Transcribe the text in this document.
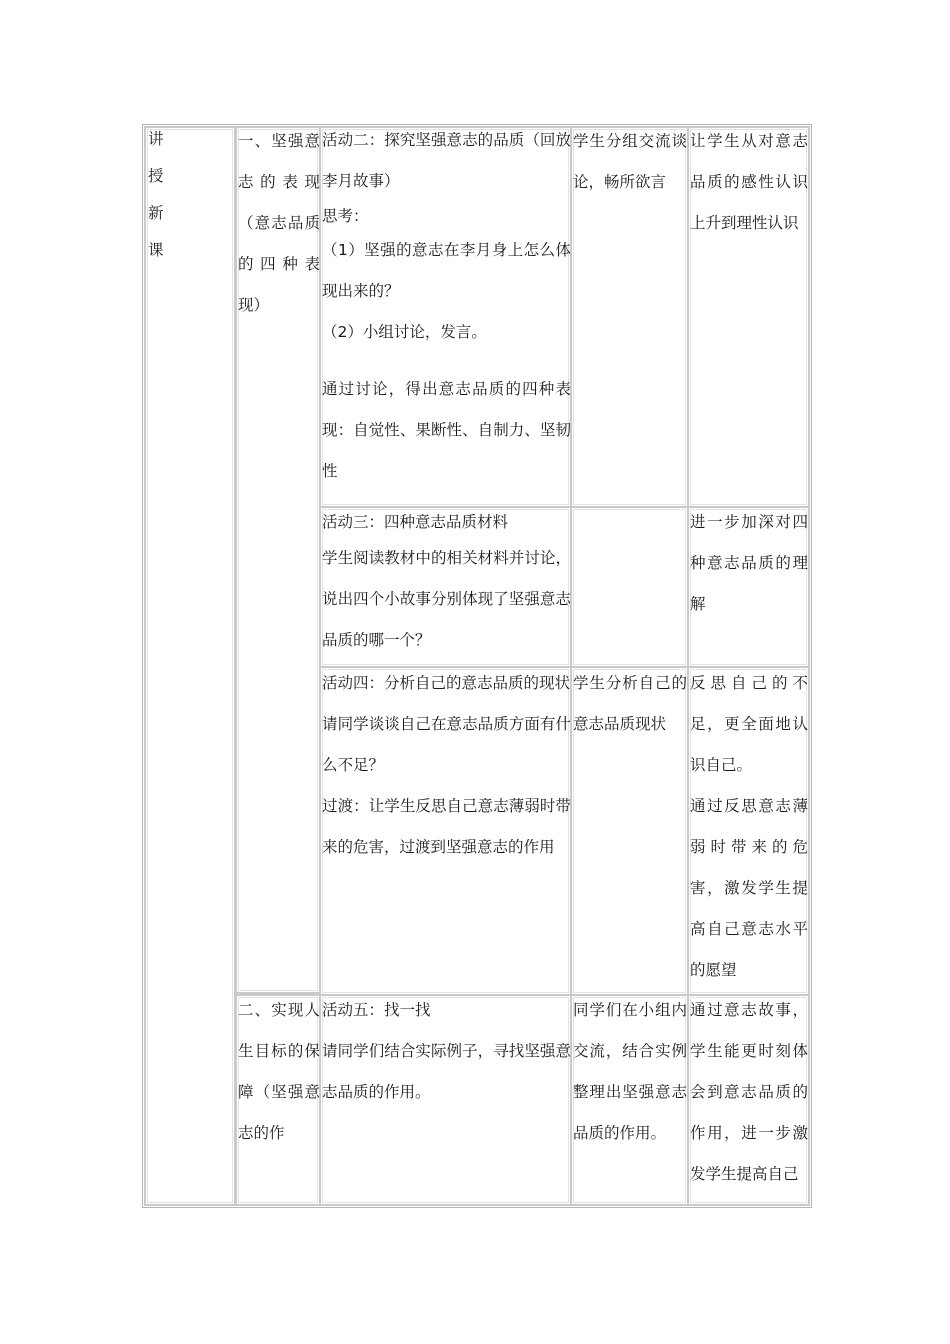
讲

授

新

课

一、坚强意志的表现（意志品质的四种表现）
二、实现人生目标的保障（坚强意志的作

活动二：探究坚强意志的品质（回放李月故事）

思考：

（1）坚强的意志在李月身上怎么体现出来的？

（2）小组讨论，发言。

通过讨论，得出意志品质的四种表现：自觉性、果断性、自制力、坚韧性

学生分组交流谈论，畅所欲言
让学生从对意志品质的感性认识上升到理性认识

活动三：四种意志品质材料

学生阅读教材中的相关材料并讨论，说出四个小故事分别体现了坚强意志品质的哪一个？

进一步加深对四种意志品质的理解

活动四：分析自己的意志品质的现状

请同学谈谈自己在意志品质方面有什么不足？

过渡：让学生反思自己意志薄弱时带来的危害，过渡到坚强意志的作用

学生分析自己的意志品质现状

反思自己的不足，更全面地认识自己。

通过反思意志薄弱时带来的危害，激发学生提高自己意志水平的愿望

活动五：找一找

请同学们结合实际例子，寻找坚强意志品质的作用。

同学们在小组内交流，结合实例整理出坚强意志品质的作用。
通过意志故事，学生能更时刻体会到意志品质的作用，进一步激发学生提高自己
